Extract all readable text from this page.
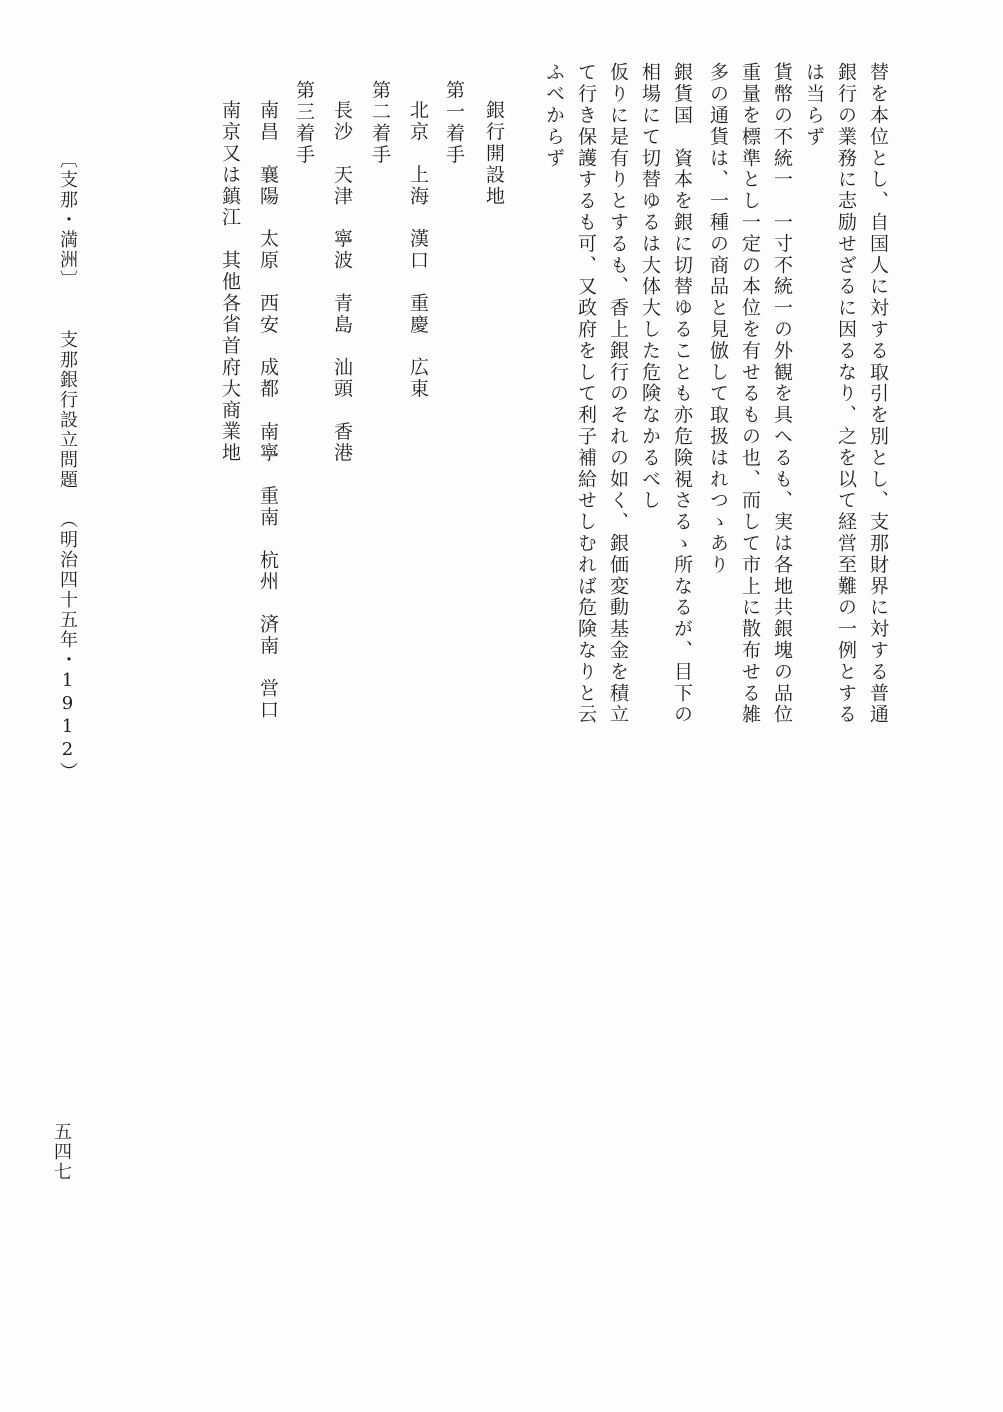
替を本位とし、自国人に対する取引を別とし、支那財界に対する普通
銀行の業務に志励せざるに因るなり、之を以て経営至難の一例とする
は当らず
貨幣の不統一　一寸不統一の外観を具へるも、実は各地共銀塊の品位
重量を標準とし一定の本位を有せるもの也、而して市上に散布せる雑
多の通貨は、一種の商品と見倣して取扱はれつゝあり
銀貨国　資本を銀に切替ゆることも亦危険視さるゝ所なるが、目下の
相場にて切替ゆるは大体大した危険なかるべし
仮りに是有りとするも、香上銀行のそれの如く、銀価変動基金を積立
て行き保護するも可、又政府をして利子補給せしむれば危険なりと云
ふべからず
銀行開設地
第一着手
北京　上海　漢口　重慶　広東
第二着手
長沙　天津　寧波　青島　汕頭　香港
第三着手
南昌　襄陽　太原　西安　成都　南寧　重南　杭州　済南　営口
南京又は鎮江　其他各省首府大商業地
〔支那・満洲〕　　支那銀行設立問題　（明治四十五年・1912）
五四七
